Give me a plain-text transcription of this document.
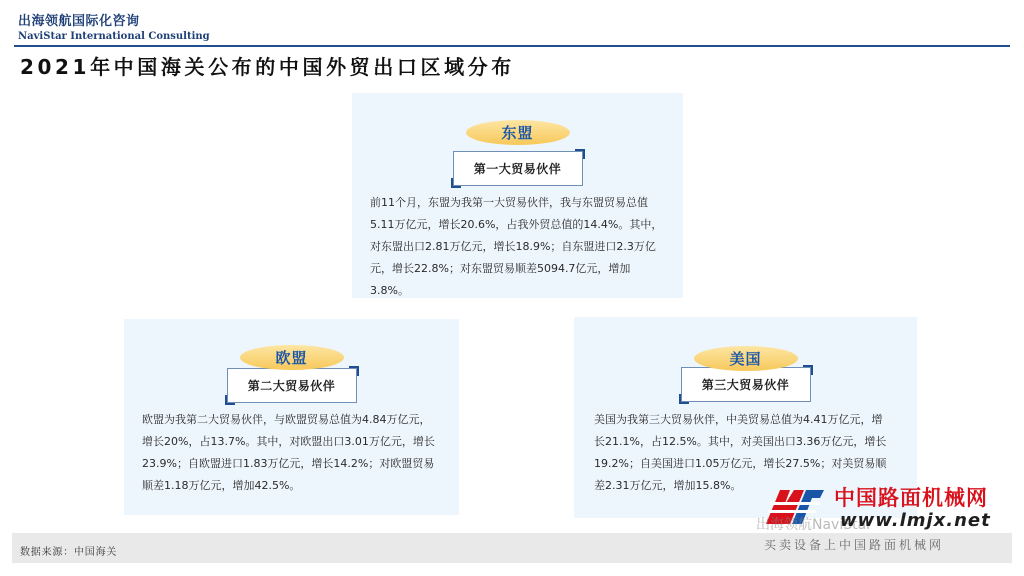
出海领航国际化咨询
NaviStar International Consulting
2021年中国海关公布的中国外贸出口区域分布
东盟
第一大贸易伙伴
前11个月，东盟为我第一大贸易伙伴，我与东盟贸易总值
5.11万亿元，增长20.6%，占我外贸总值的14.4%。其中，
对东盟出口2.81万亿元，增长18.9%；自东盟进口2.3万亿
元，增长22.8%；对东盟贸易顺差5094.7亿元，增加3.8%。
欧盟
第二大贸易伙伴
欧盟为我第二大贸易伙伴，与欧盟贸易总值为4.84万亿元，
增长20%，占13.7%。其中，对欧盟出口3.01万亿元，增长
23.9%；自欧盟进口1.83万亿元，增长14.2%；对欧盟贸易
顺差1.18万亿元，增加42.5%。
美国
第三大贸易伙伴
美国为我第三大贸易伙伴，中美贸易总值为4.41万亿元，增
长21.1%，占12.5%。其中，对美国出口3.36万亿元，增长
19.2%；自美国进口1.05万亿元，增长27.5%；对美贸易顺
差2.31万亿元，增加15.8%。
数据来源：中国海关
中国路面机械网
出海领航NaviStar
www.lmjx.net
买卖设备上中国路面机械网
